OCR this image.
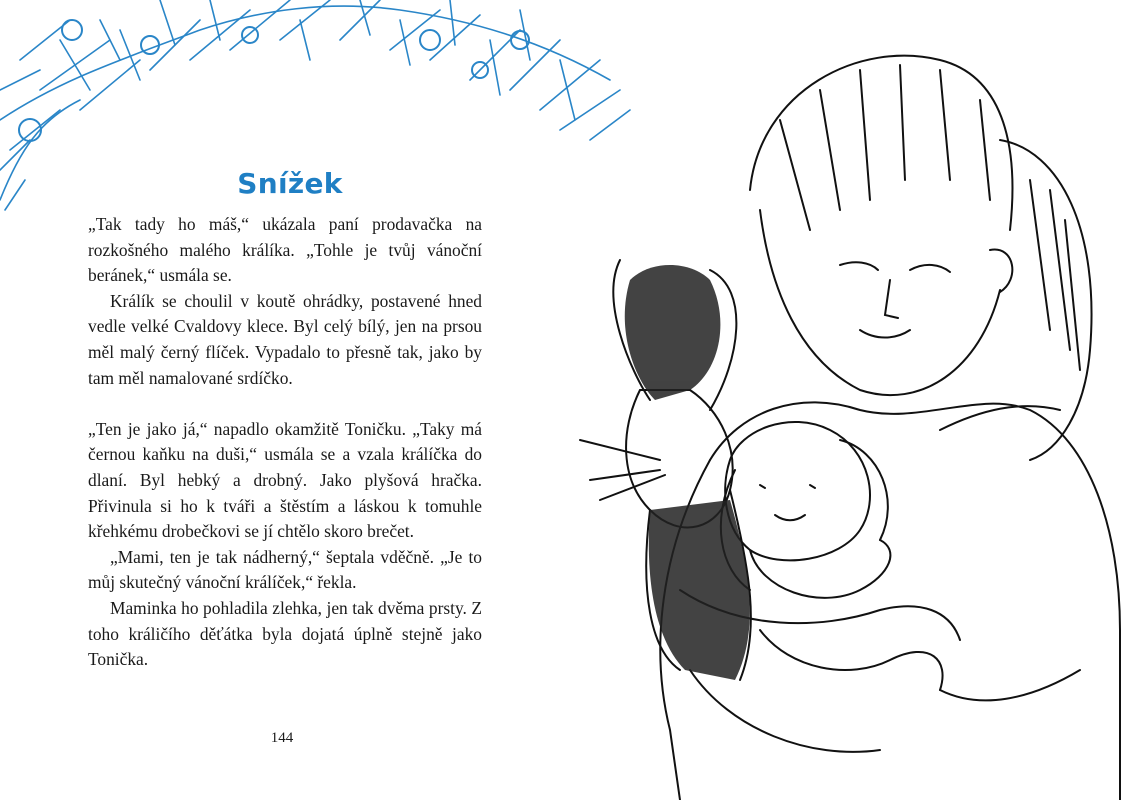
Snížek

„Tak tady ho máš,“ ukázala paní prodavačka na rozkošného malého králíka. „Tohle je tvůj vánoční beránek,“ usmála se.

Králík se choulil v koutě ohrádky, postavené hned vedle velké Cvaldovy klece. Byl celý bílý, jen na prsou měl malý černý flíček. Vypadalo to přesně tak, jako by tam měl namalované srdíčko.

„Ten je jako já,“ napadlo okamžitě Toničku. „Taky má černou kaňku na duši,“ usmála se a vzala králíčka do dlaní. Byl hebký a drobný. Jako plyšová hračka. Přivinula si ho k tváři a štěstím a láskou k tomuhle křehkému drobečkovi se jí chtělo skoro brečet.

„Mami, ten je tak nádherný,“ šeptala vděčně. „Je to můj skutečný vánoční králíček,“ řekla.

Maminka ho pohladila zlehka, jen tak dvěma prsty. Z toho králičího děťátka byla dojatá úplně stejně jako Tonička.

144
